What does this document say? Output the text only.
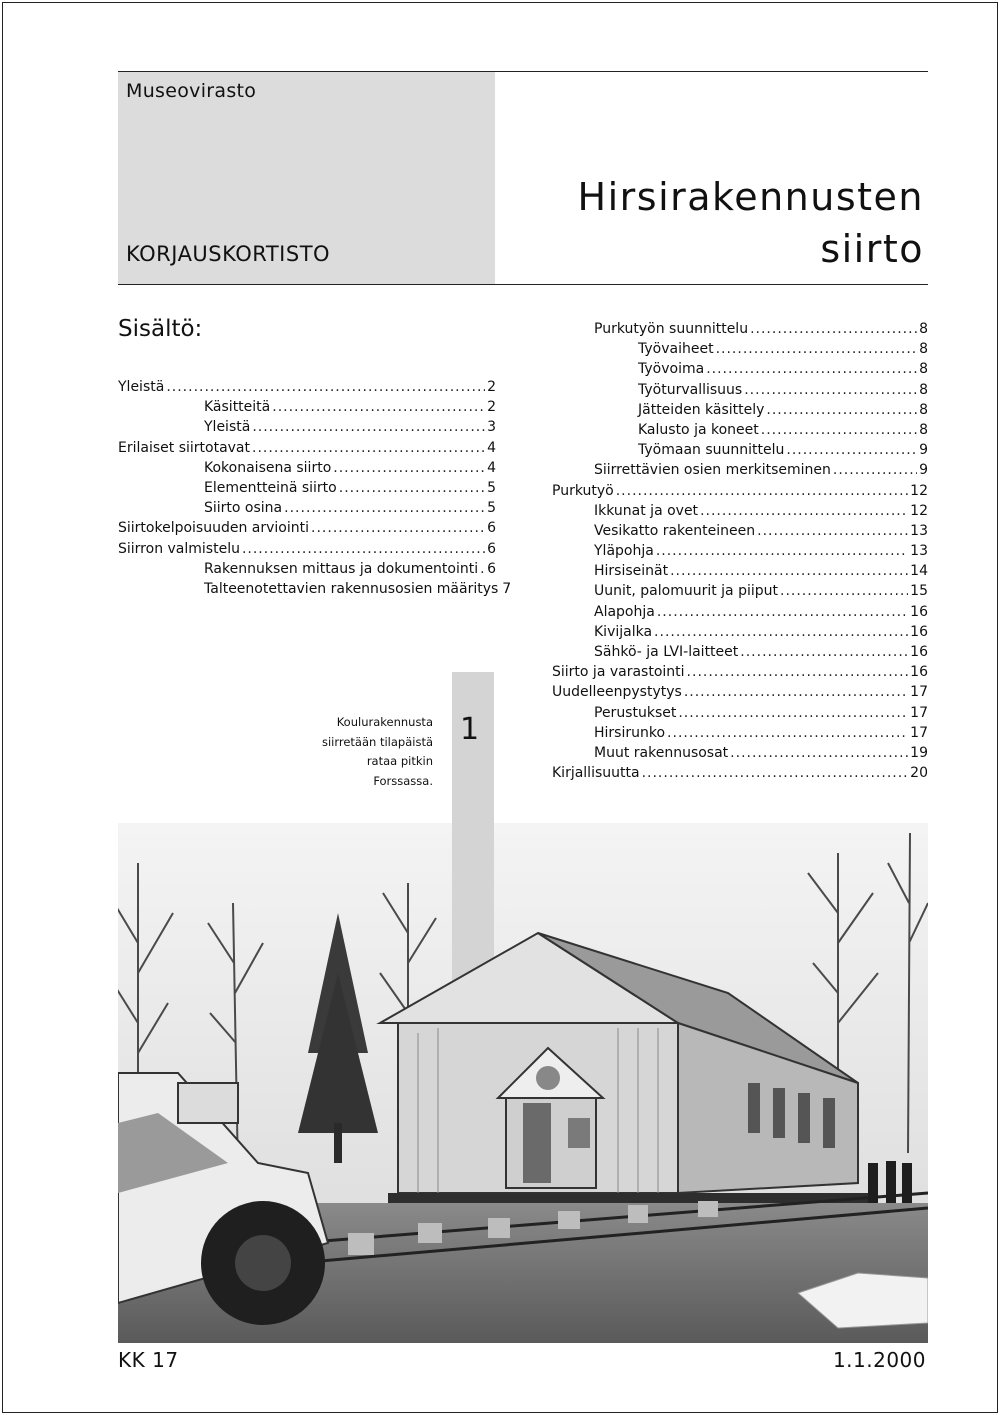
Museovirasto
KORJAUSKORTISTO
Hirsirakennusten
siirto
Sisältö:
Yleistä .....	2
Käsitteitä .....	2
Yleistä .....	3
Erilaiset siirtotavat .....	4
Kokonaisena siirto .....	4
Elementteinä siirto .....	5
Siirto osina .....	5
Siirtokelpoisuuden arviointi .....	6
Siirron valmistelu .....	6
Rakennuksen mittaus ja dokumentointi ..... 6
Talteenotettavien rakennusosien määritys 7
Purkutyön suunnittelu .....	8
Työvaiheet .....	8
Työvoima .....	8
Työturvallisuus .....	8
Jätteiden käsittely .....	8
Kalusto ja koneet .....	8
Työmaan suunnittelu .....	9
Siirrettävien osien merkitseminen .....	9
Purkutyö .....	12
Ikkunat ja ovet .....	12
Vesikatto rakenteineen .....	13
Yläpohja .....	13
Hirsiseinät .....	14
Uunit, palomuurit ja piiput .....	15
Alapohja .....	16
Kivijalka .....	16
Sähkö- ja LVI-laitteet .....	16
Siirto ja varastointi .....	16
Uudelleenpystytys .....	17
Perustukset .....	17
Hirsirunko .....	17
Muut rakennusosat .....	19
Kirjallisuutta .....	20
1
Koulurakennusta
siirretään tilapäistä
rataa pitkin
Forssassa.
KK 17	1.1.2000
